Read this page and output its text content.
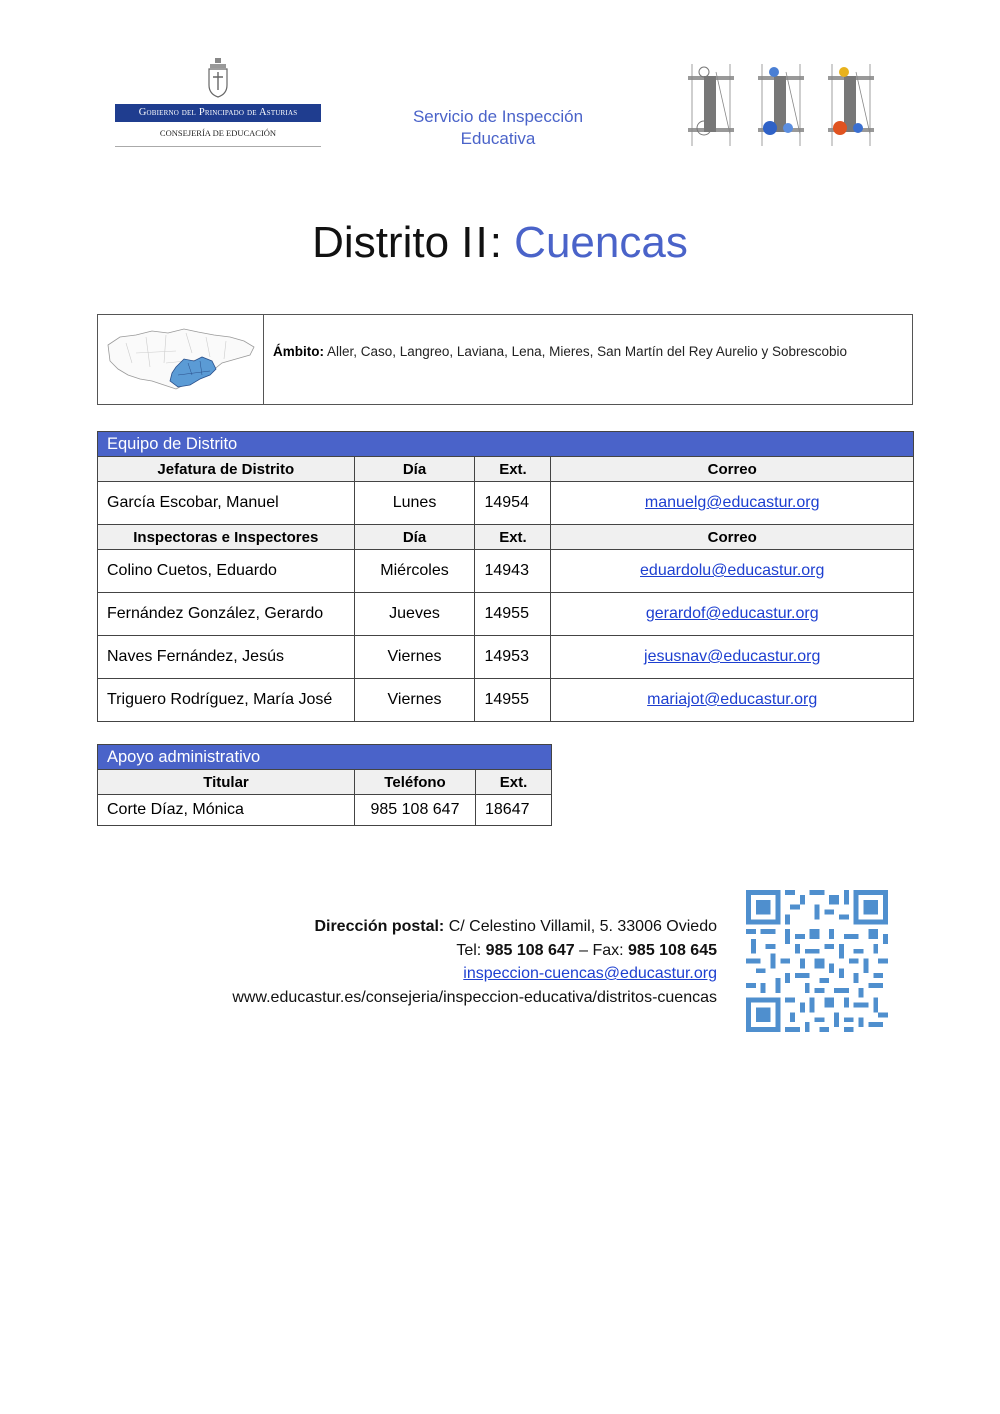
Gobierno del Principado de Asturias
CONSEJERÍA DE EDUCACIÓN
Servicio de Inspección
Educativa
Distrito II: Cuencas
Ámbito: Aller, Caso, Langreo, Laviana, Lena, Mieres, San Martín del Rey Aurelio y Sobrescobio
Equipo de Distrito			
Jefatura de Distrito	Día	Ext.	Correo
García Escobar, Manuel	Lunes	14954	manuelg@educastur.org
Inspectoras e Inspectores	Día	Ext.	Correo
Colino Cuetos, Eduardo	Miércoles	14943	eduardolu@educastur.org
Fernández González, Gerardo	Jueves	14955	gerardof@educastur.org
Naves Fernández, Jesús	Viernes	14953	jesusnav@educastur.org
Triguero Rodríguez, María José	Viernes	14955	mariajot@educastur.org
Apoyo administrativo		
Titular	Teléfono	Ext.
Corte Díaz, Mónica	985 108 647	18647
Dirección postal: C/ Celestino Villamil, 5. 33006 Oviedo
Tel: 985 108 647 – Fax: 985 108 645
inspeccion-cuencas@educastur.org
www.educastur.es/consejeria/inspeccion-educativa/distritos-cuencas
